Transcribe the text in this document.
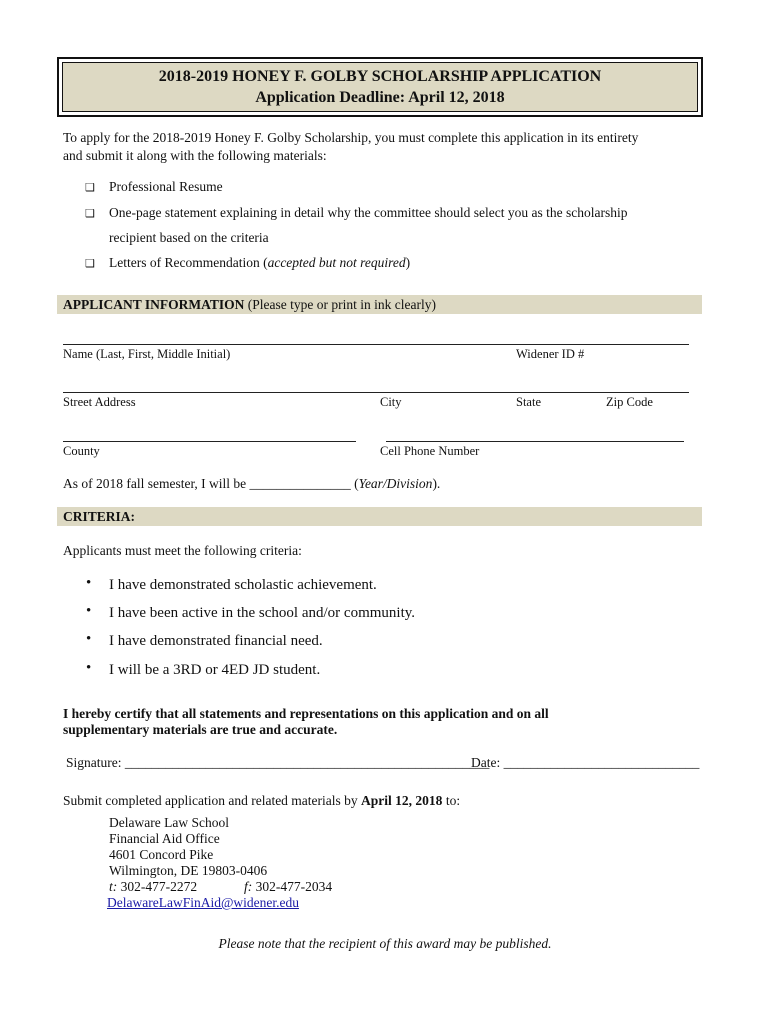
2018-2019 HONEY F. GOLBY SCHOLARSHIP APPLICATION
Application Deadline: April 12, 2018
To apply for the 2018-2019 Honey F. Golby Scholarship, you must complete this application in its entirety
and submit it along with the following materials:
❑ Professional Resume
❑ One-page statement explaining in detail why the committee should select you as the scholarship
recipient based on the criteria
❑ Letters of Recommendation (accepted but not required)
APPLICANT INFORMATION (Please type or print in ink clearly)
Name (Last, First, Middle Initial)	Widener ID #
Street Address	City	State	Zip Code
County	Cell Phone Number
As of 2018 fall semester, I will be _______________ (Year/Division).
CRITERIA:
Applicants must meet the following criteria:
• I have demonstrated scholastic achievement.
• I have been active in the school and/or community.
• I have demonstrated financial need.
• I will be a 3RD or 4ED JD student.
I hereby certify that all statements and representations on this application and on all
supplementary materials are true and accurate.
Signature: ______________________________________________________
Date: _____________________________
Submit completed application and related materials by April 12, 2018 to:
Delaware Law School
Financial Aid Office
4601 Concord Pike
Wilmington, DE 19803-0406
t: 302-477-2272	f: 302-477-2034
DelawareLawFinAid@widener.edu
Please note that the recipient of this award may be published.
